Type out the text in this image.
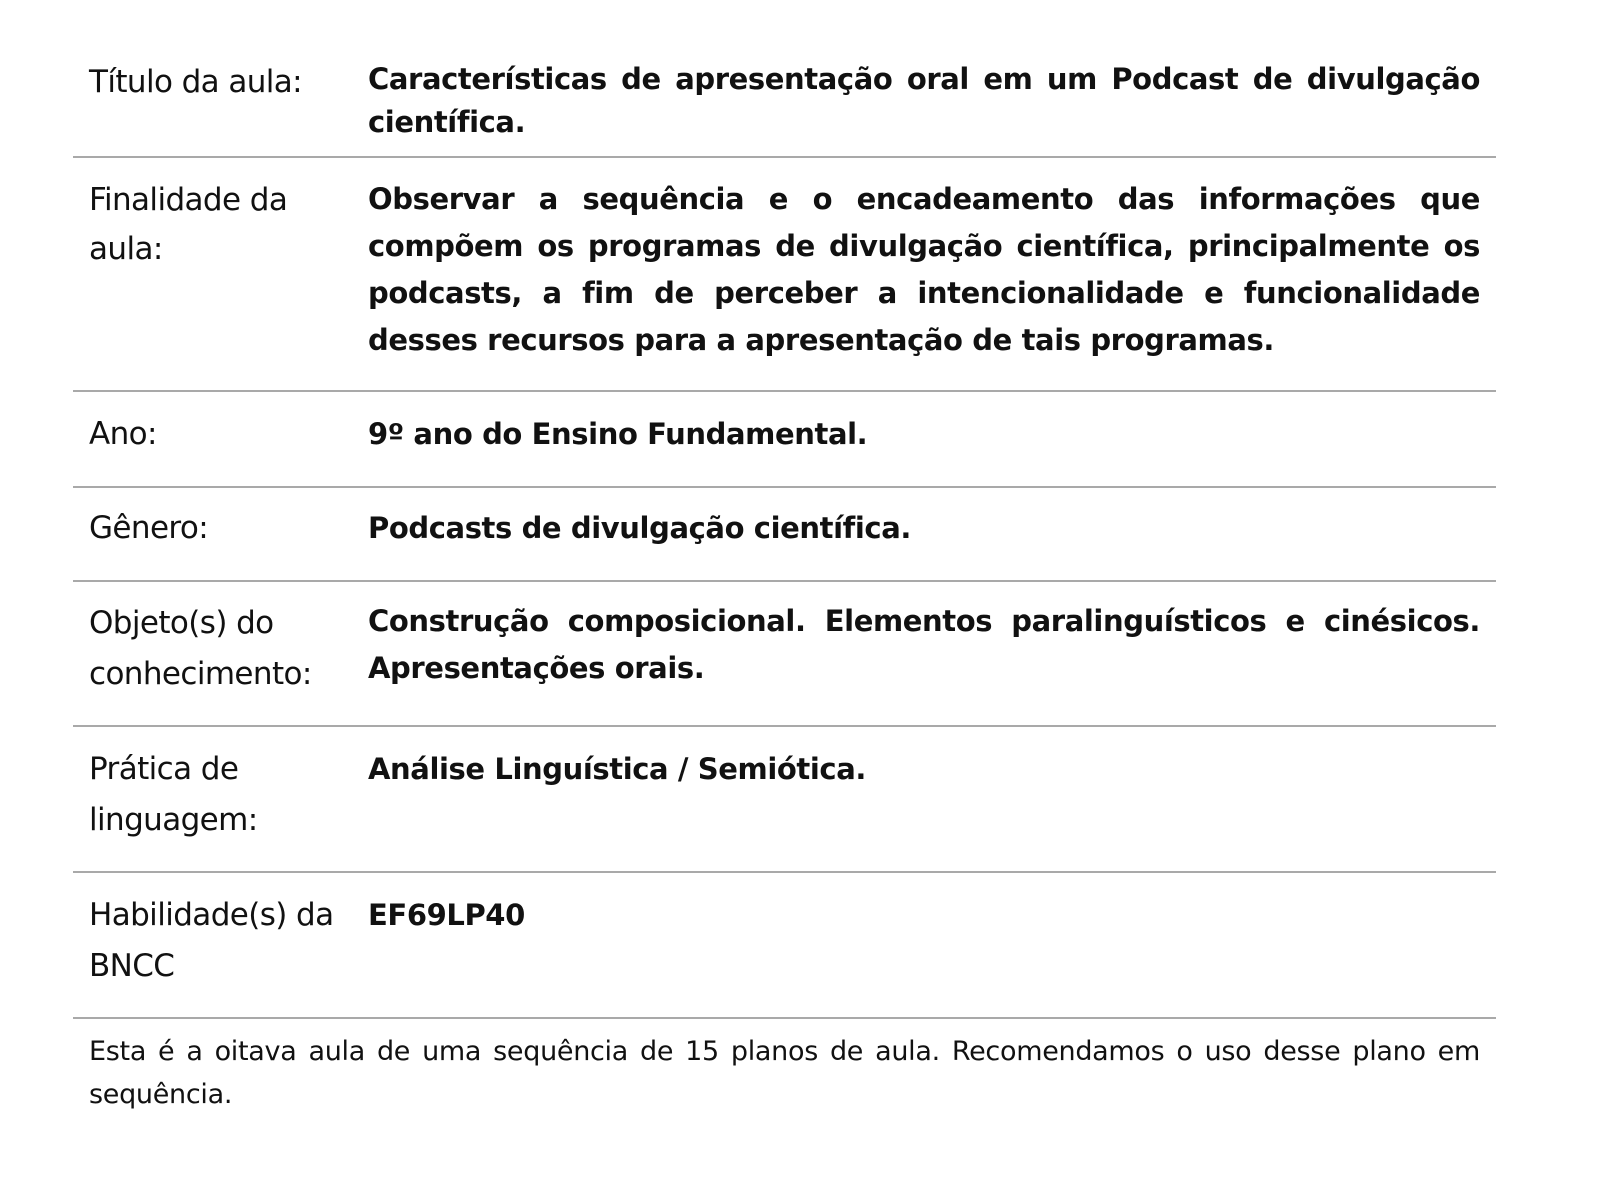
Título da aula:	Características de apresentação oral em um Podcast de divulgação científica.
Finalidade da aula:
Observar a sequência e o encadeamento das informações que compõem os programas de divulgação científica, principalmente os podcasts, a fim de perceber a intencionalidade e funcionalidade desses recursos para a apresentação de tais programas.
Ano:	9º ano do Ensino Fundamental.
Gênero:	Podcasts de divulgação científica.
Objeto(s) do conhecimento:
Construção composicional. Elementos paralinguísticos e cinésicos. Apresentações orais.
Prática de linguagem:
Análise Linguística / Semiótica.
Habilidade(s) da BNCC
EF69LP40
Esta é a oitava aula de uma sequência de 15 planos de aula. Recomendamos o uso desse plano em sequência.
